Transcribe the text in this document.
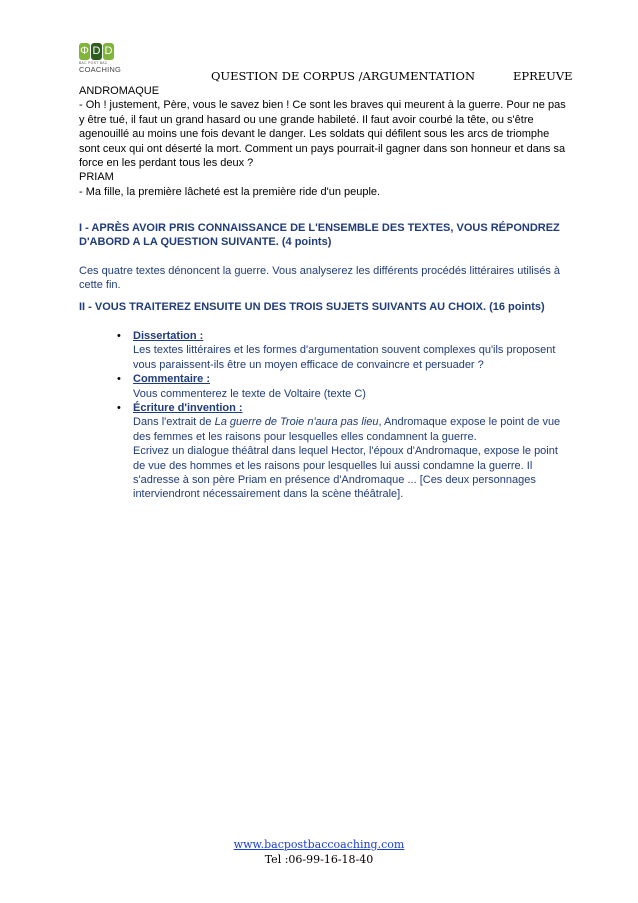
Φ D D
BAC POST BAC
COACHING	QUESTION DE CORPUS /ARGUMENTATION	EPREUVE

ANDROMAQUE

- Oh ! justement, Père, vous le savez bien ! Ce sont les braves qui meurent à la guerre. Pour ne pas y être tué, il faut un grand hasard ou une grande habileté. Il faut avoir courbé la tête, ou s'être agenouillé au moins une fois devant le danger. Les soldats qui défilent sous les arcs de triomphe sont ceux qui ont déserté la mort. Comment un pays pourrait-il gagner dans son honneur et dans sa force en les perdant tous les deux ?

PRIAM

- Ma fille, la première lâcheté est la première ride d'un peuple.

I - APRÈS AVOIR PRIS CONNAISSANCE DE L'ENSEMBLE DES TEXTES, VOUS RÉPONDREZ D'ABORD A LA QUESTION SUIVANTE. (4 points)
Ces quatre textes dénoncent la guerre. Vous analyserez les différents procédés littéraires utilisés à cette fin.
II - VOUS TRAITEREZ ENSUITE UN DES TROIS SUJETS SUIVANTS AU CHOIX. (16 points)
• Dissertation :

Les textes littéraires et les formes d'argumentation souvent complexes qu'ils proposent vous paraissent-ils être un moyen efficace de convaincre et persuader ?

• Commentaire :

Vous commenterez le texte de Voltaire (texte C)

• Écriture d'invention :

Dans l'extrait de La guerre de Troie n'aura pas lieu, Andromaque expose le point de vue des femmes et les raisons pour lesquelles elles condamnent la guerre.

Ecrivez un dialogue théâtral dans lequel Hector, l'époux d'Andromaque, expose le point de vue des hommes et les raisons pour lesquelles lui aussi condamne la guerre. Il s'adresse à son père Priam en présence d'Andromaque ... [Ces deux personnages interviendront nécessairement dans la scène théâtrale].

www.bacpostbaccoaching.com
Tel :06-99-16-18-40
